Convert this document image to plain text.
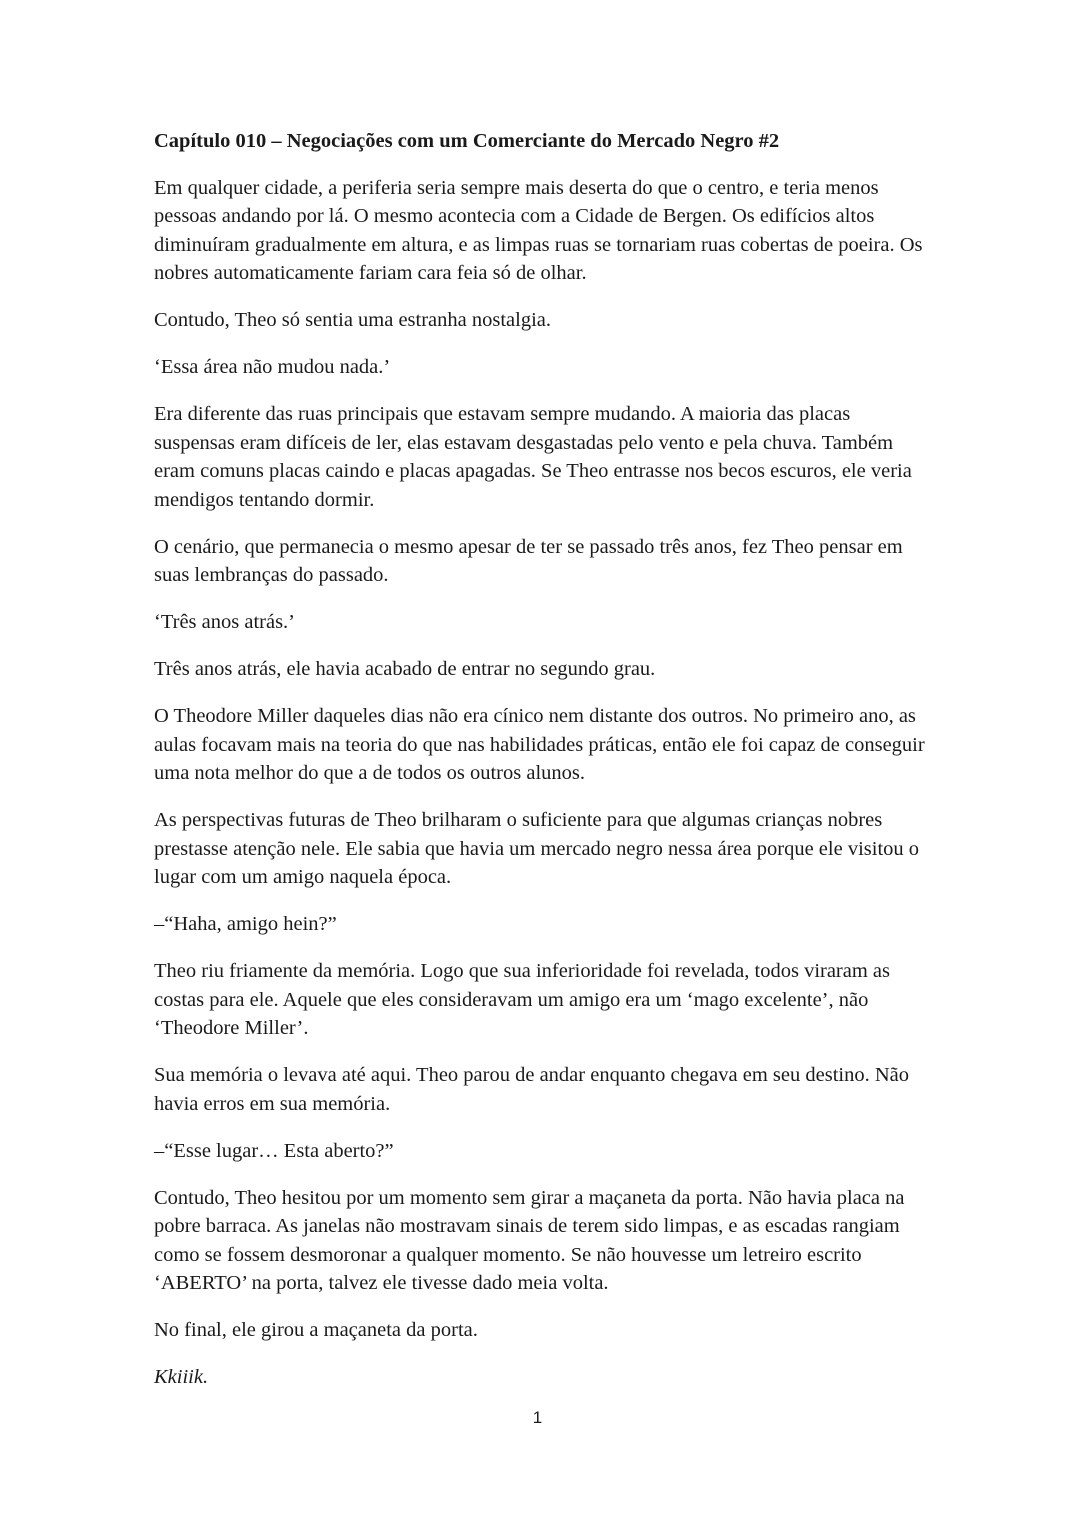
Capítulo 010 – Negociações com um Comerciante do Mercado Negro #2

Em qualquer cidade, a periferia seria sempre mais deserta do que o centro, e teria menos pessoas andando por lá. O mesmo acontecia com a Cidade de Bergen. Os edifícios altos diminuíram gradualmente em altura, e as limpas ruas se tornariam ruas cobertas de poeira. Os nobres automaticamente fariam cara feia só de olhar.

Contudo, Theo só sentia uma estranha nostalgia.

‘Essa área não mudou nada.’

Era diferente das ruas principais que estavam sempre mudando. A maioria das placas suspensas eram difíceis de ler, elas estavam desgastadas pelo vento e pela chuva. Também eram comuns placas caindo e placas apagadas. Se Theo entrasse nos becos escuros, ele veria mendigos tentando dormir.

O cenário, que permanecia o mesmo apesar de ter se passado três anos, fez Theo pensar em suas lembranças do passado.

‘Três anos atrás.’

Três anos atrás, ele havia acabado de entrar no segundo grau.

O Theodore Miller daqueles dias não era cínico nem distante dos outros. No primeiro ano, as aulas focavam mais na teoria do que nas habilidades práticas, então ele foi capaz de conseguir uma nota melhor do que a de todos os outros alunos.

As perspectivas futuras de Theo brilharam o suficiente para que algumas crianças nobres prestasse atenção nele. Ele sabia que havia um mercado negro nessa área porque ele visitou o lugar com um amigo naquela época.

–“Haha, amigo hein?”

Theo riu friamente da memória. Logo que sua inferioridade foi revelada, todos viraram as costas para ele. Aquele que eles consideravam um amigo era um ‘mago excelente’, não ‘Theodore Miller’.

Sua memória o levava até aqui. Theo parou de andar enquanto chegava em seu destino. Não havia erros em sua memória.

–“Esse lugar… Esta aberto?”

Contudo, Theo hesitou por um momento sem girar a maçaneta da porta. Não havia placa na pobre barraca. As janelas não mostravam sinais de terem sido limpas, e as escadas rangiam como se fossem desmoronar a qualquer momento. Se não houvesse um letreiro escrito ‘ABERTO’ na porta, talvez ele tivesse dado meia volta.

No final, ele girou a maçaneta da porta.

Kkiiik.

1
